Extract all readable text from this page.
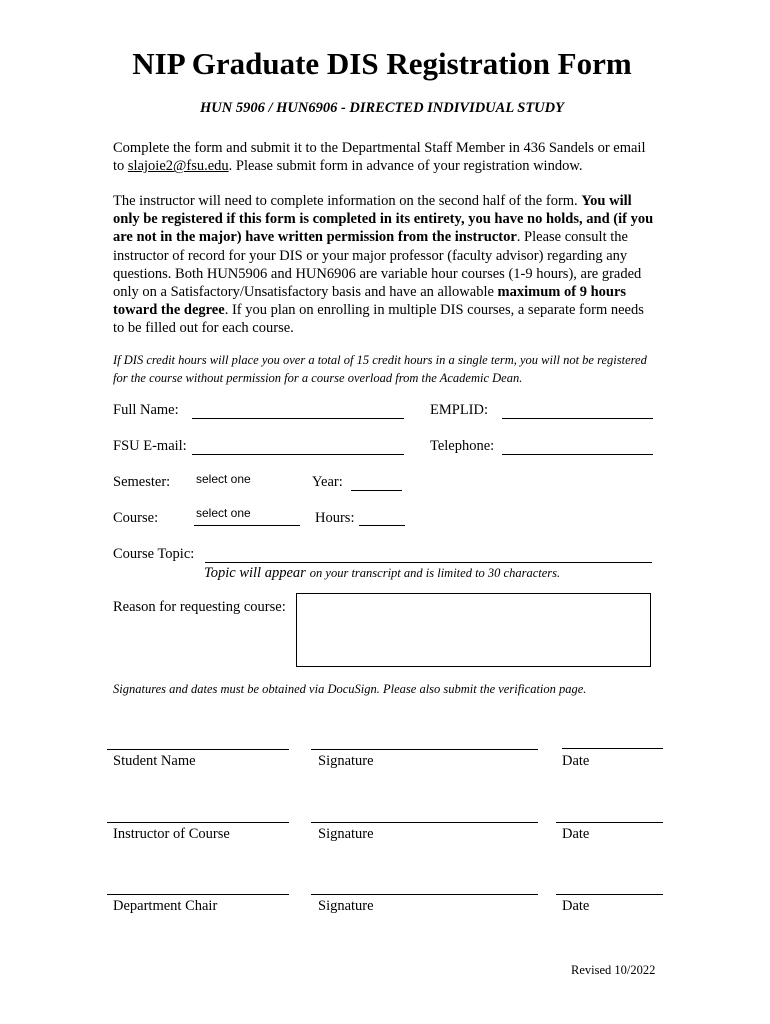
NIP Graduate DIS Registration Form
HUN 5906 / HUN6906 - DIRECTED INDIVIDUAL STUDY
Complete the form and submit it to the Departmental Staff Member in 436 Sandels or email to slajoie2@fsu.edu. Please submit form in advance of your registration window.
The instructor will need to complete information on the second half of the form. You will only be registered if this form is completed in its entirety, you have no holds, and (if you are not in the major) have written permission from the instructor. Please consult the instructor of record for your DIS or your major professor (faculty advisor) regarding any questions. Both HUN5906 and HUN6906 are variable hour courses (1-9 hours), are graded only on a Satisfactory/Unsatisfactory basis and have an allowable maximum of 9 hours toward the degree. If you plan on enrolling in multiple DIS courses, a separate form needs to be filled out for each course.
If DIS credit hours will place you over a total of 15 credit hours in a single term, you will not be registered for the course without permission for a course overload from the Academic Dean.
Full Name:	EMPLID:
FSU E-mail:	Telephone:
Semester: select one	Year:
Course:	select one	Hours:
Course Topic:
Topic will appear on your transcript and is limited to 30 characters.
Reason for requesting course:
Signatures and dates must be obtained via DocuSign. Please also submit the verification page.
Student Name	Signature	Date
Instructor of Course	Signature	Date
Department Chair	Signature	Date
Revised 10/2022
